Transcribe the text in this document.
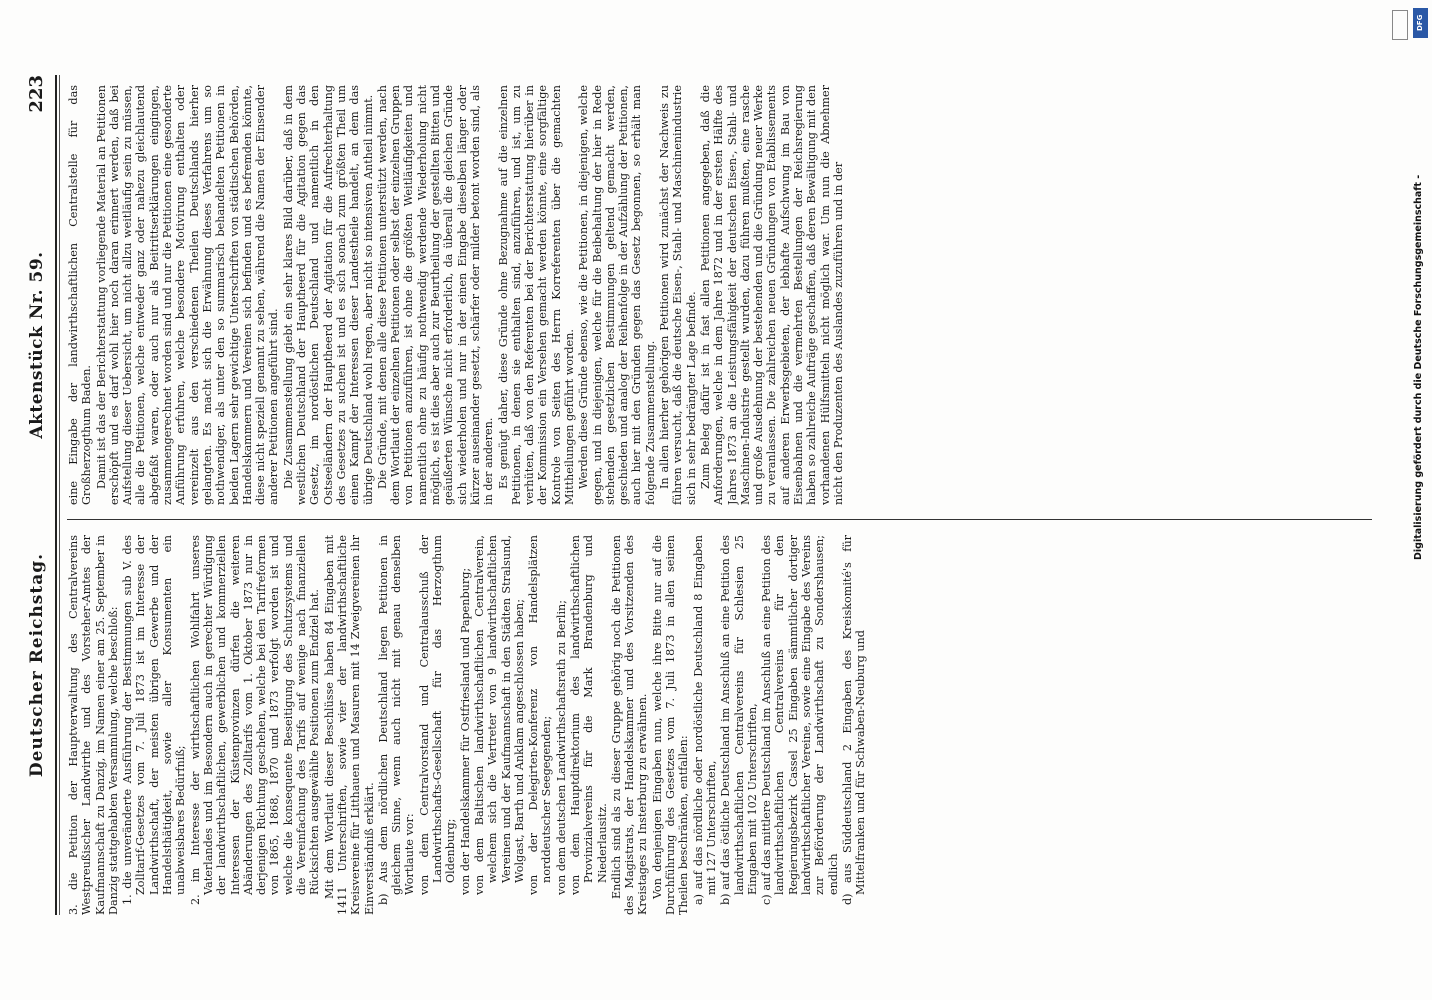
Deutscher Reichstag.
Aktenstück Nr. 59.
223

3. die Petition der Hauptverwaltung des Centralvereins Westpreußischer Landwirthe und des Vorsteher-Amtes der Kaufmannschaft zu Danzig, im Namen einer am 25. September in Danzig stattgehabten Versammlung, welche beschloß: 1. die unveränderte Ausführung der Bestimmungen sub V. des Zolltarif-Gesetzes vom 7. Juli 1873 ist im Interesse der Landwirthschaft, der meisten übrigen Gewerbe und der Handelsthätigkeit, sowie aller Konsumenten ein unabweisbares Bedürfniß; 2. im Interesse der wirthschaftlichen Wohlfahrt unseres Vaterlandes und im Besondern auch in gerechter Würdigung der landwirthschaftlichen, gewerblichen und kommerziellen Interessen der Küstenprovinzen dürfen die weiteren Abänderungen des Zolltarifs vom 1. Oktober 1873 nur in derjenigen Richtung geschehen, welche bei den Tarifreformen von 1865, 1868, 1870 und 1873 verfolgt worden ist und welche die konsequente Beseitigung des Schutzsystems und die Vereinfachung des Tarifs auf wenige nach finanziellen Rücksichten ausgewählte Positionen zum Endziel hat. Mit dem Wortlaut dieser Beschlüsse haben 84 Eingaben mit 1411 Unterschriften, sowie vier der landwirthschaftliche Kreisvereine für Litthauen und Masuren mit 14 Zweigvereinen ihr Einverständniß erklärt. b) Aus dem nördlichen Deutschland liegen Petitionen in gleichem Sinne, wenn auch nicht mit genau denselben Wortlaute vor: von dem Centralvorstand und Centralausschuß der Landwirthschafts-Gesellschaft für das Herzogthum Oldenburg; von der Handelskammer für Ostfriesland und Papenburg; von dem Baltischen landwirthschaftlichen Centralverein, welchem sich die Vertreter von 9 landwirthschaftlichen Vereinen und der Kaufmannschaft in den Städten Stralsund, Wolgast, Barth und Anklam angeschlossen haben; von der Delegirten-Konferenz von Handelsplätzen norddeutscher Seegegenden; von dem deutschen Landwirthschaftsrath zu Berlin; von dem Hauptdirektorium des landwirthschaftlichen Provinzialvereins für die Mark Brandenburg und Niederlausitz. Endlich sind als zu dieser Gruppe gehörig noch die Petitionen des Magistrats, der Handelskammer und des Vorsitzenden des Kreistages zu Insterburg zu erwähnen. Von denjenigen Eingaben nun, welche ihre Bitte nur auf die Durchführung des Gesetzes vom 7. Juli 1873 in allen seinen Theilen beschränken, entfallen: a) auf das nördliche oder nordöstliche Deutschland 8 Eingaben mit 127 Unterschriften, b) auf das östliche Deutschland im Anschluß an eine Petition des landwirthschaftlichen Centralvereins für Schlesien 25 Eingaben mit 102 Unterschriften, c) auf das mittlere Deutschland im Anschluß an eine Petition des landwirthschaftlichen Centralvereins für den Regierungsbezirk Cassel 25 Eingaben sämmtlicher dortiger landwirthschaftlicher Vereine, sowie eine Eingabe des Vereins zur Beförderung der Landwirthschaft zu Sondershausen; endlich d) aus Süddeutschland 2 Eingaben des Kreiskomité's für Mittelfranken und für Schwaben-Neuburg und

eine Eingabe der landwirthschaftlichen Centralstelle für das Großherzogthum Baden. Damit ist das der Berichterstattung vorliegende Material an Petitionen erschöpft und es darf wohl hier noch daran erinnert werden, daß bei Aufstellung dieser Uebersicht, um nicht allzu weitläufig sein zu müssen, alle die Petitionen, welche entweder ganz oder nahezu gleichlautend abgefaßt waren, oder auch nur als Beitrittserklärungen eingingen, zusammengerechnet worden sind und nur die Petitionen eine gesonderte Anführung erfuhren, welche besondere Motivirung enthalten oder vereinzelt aus den verschiedenen Theilen Deutschlands hierher gelangten. Es macht sich die Erwähnung dieses Verfahrens um so nothwendiger, als unter den so summarisch behandelten Petitionen in beiden Lagern sehr gewichtige Unterschriften von städtischen Behörden, Handelskammern und Vereinen sich befinden und es befremden könnte, diese nicht speziell genannt zu sehen, während die Namen der Einsender anderer Petitionen angeführt sind. Die Zusammenstellung giebt ein sehr klares Bild darüber, daß in dem westlichen Deutschland der Hauptheerd für die Agitation gegen das Gesetz, im nordöstlichen Deutschland und namentlich in den Ostseeländern der Hauptheerd der Agitation für die Aufrechterhaltung des Gesetzes zu suchen ist und es sich sonach zum größten Theil um einen Kampf der Interessen dieser Landestheile handelt, an dem das übrige Deutschland wohl regen, aber nicht so intensiven Antheil nimmt. Die Gründe, mit denen alle diese Petitionen unterstützt werden, nach dem Wortlaut der einzelnen Petitionen oder selbst der einzelnen Gruppen von Petitionen anzuführen, ist ohne die größten Weitläufigkeiten und namentlich ohne zu häufig nothwendig werdende Wiederholung nicht möglich, es ist dies aber auch zur Beurtheilung der gestellten Bitten und geäußerten Wünsche nicht erforderlich, da überall die gleichen Gründe sich wiederholen und nur in der einen Eingabe dieselben länger oder kürzer auseinander gesetzt, schärfer oder milder betont worden sind, als in der anderen. Es genügt daher, diese Gründe ohne Bezugnahme auf die einzelnen Petitionen, in denen sie enthalten sind, anzuführen, und ist, um zu verhüten, daß von den Referenten bei der Berichterstattung hierüber in der Kommission ein Versehen gemacht werden könnte, eine sorgfältige Kontrole von Seiten des Herrn Korreferenten über die gemachten Mittheilungen geführt worden. Werden diese Gründe ebenso, wie die Petitionen, in diejenigen, welche gegen, und in diejenigen, welche für die Beibehaltung der hier in Rede stehenden gesetzlichen Bestimmungen geltend gemacht werden, geschieden und analog der Reihenfolge in der Aufzählung der Petitionen, auch hier mit den Gründen gegen das Gesetz begonnen, so erhält man folgende Zusammenstellung. In allen hierher gehörigen Petitionen wird zunächst der Nachweis zu führen versucht, daß die deutsche Eisen-, Stahl- und Maschinenindustrie sich in sehr bedrängter Lage befinde. Zum Beleg dafür ist in fast allen Petitionen angegeben, daß die Anforderungen, welche in dem Jahre 1872 und in der ersten Hälfte des Jahres 1873 an die Leistungsfähigkeit der deutschen Eisen-, Stahl- und Maschinen-Industrie gestellt wurden, dazu führen mußten, eine rasche und große Ausdehnung der bestehenden und die Gründung neuer Werke zu veranlassen. Die zahlreichen neuen Gründungen von Etablissements auf anderen Erwerbsgebieten, der lebhafte Aufschwung im Bau von Eisenbahnen und die vermehrten Bestellungen der Reichsregierung haben so zahlreiche Aufträge geschaffen, daß deren Bewältigung mit den vorhandenen Hülfsmitteln nicht möglich war. Um nun die Abnehmer nicht den Produzenten des Auslandes zuzuführen und in der

DFG
Digitalisierung gefördert durch die Deutsche Forschungsgemeinschaft -
